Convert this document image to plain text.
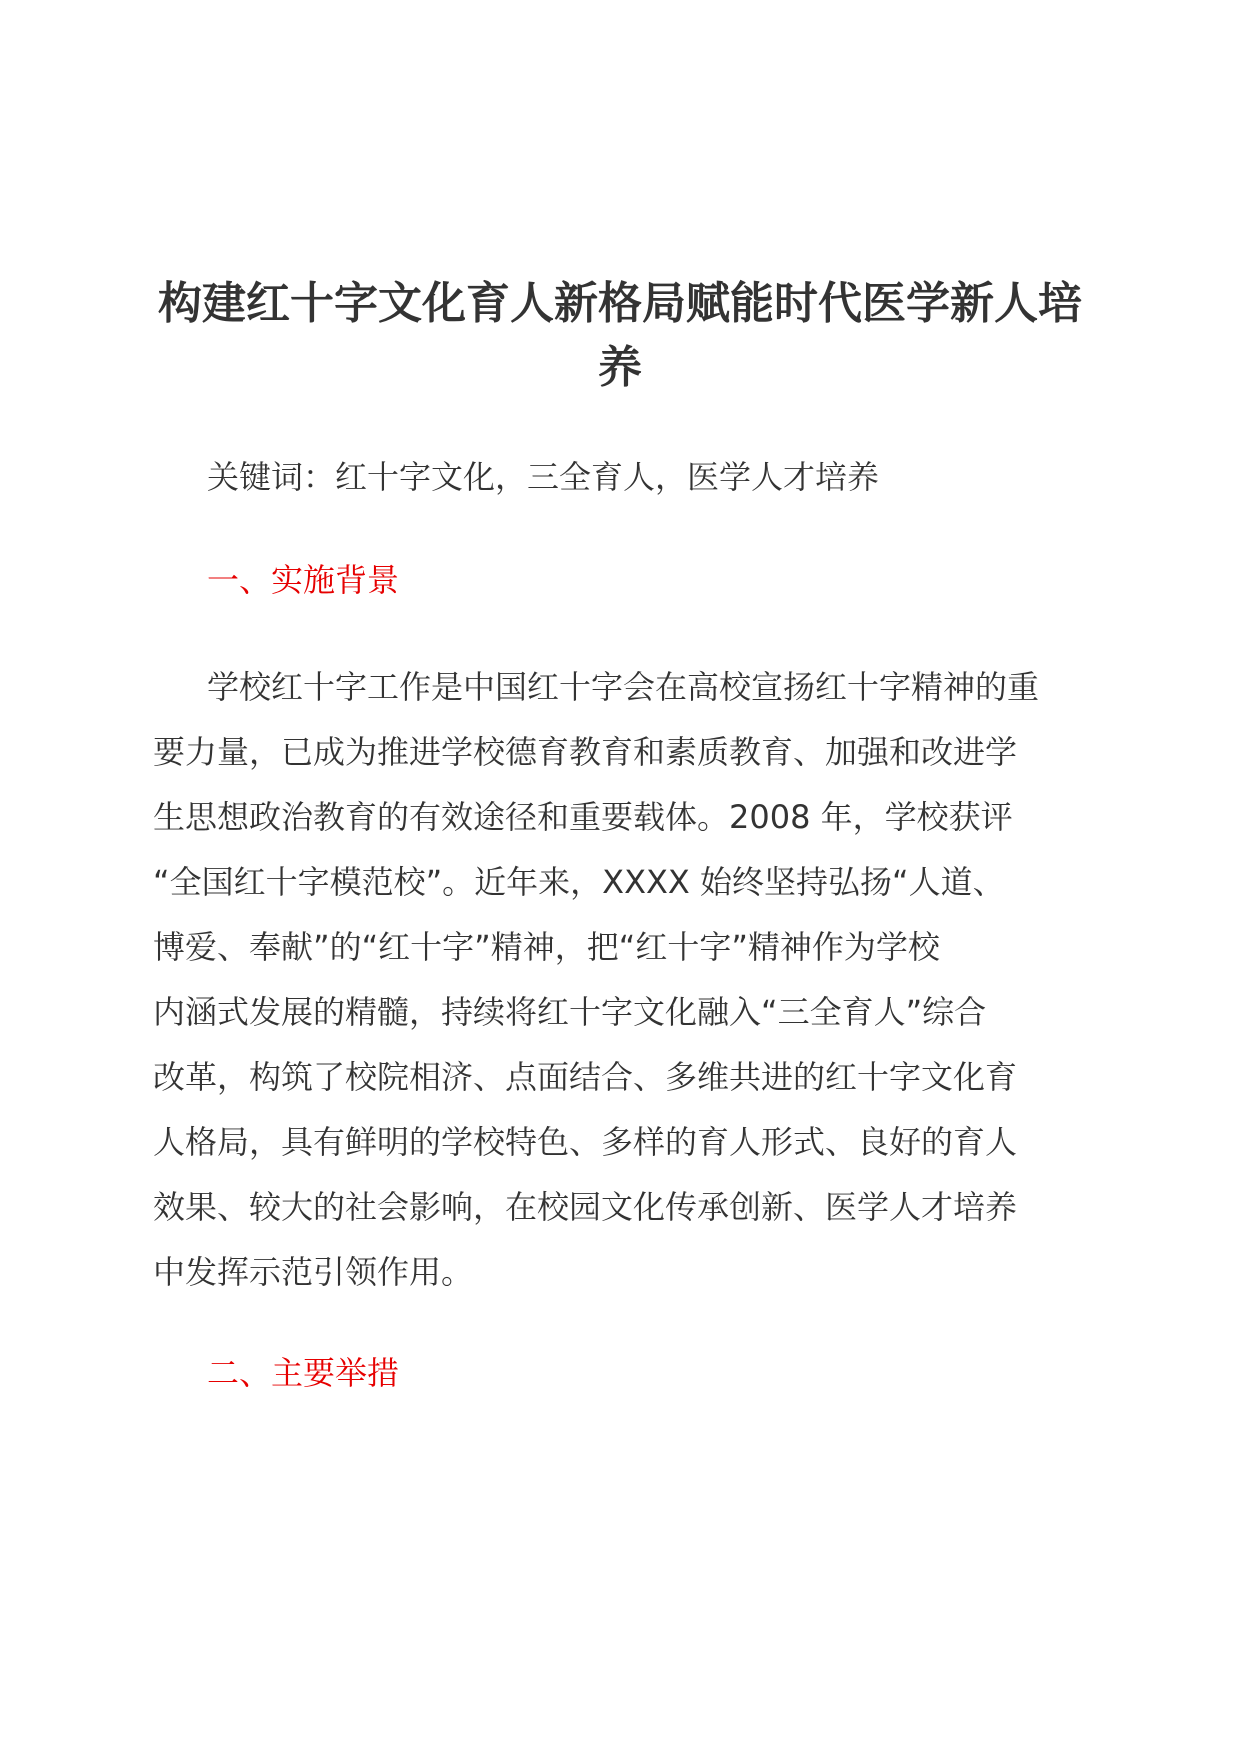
构建红十字文化育人新格局赋能时代医学新人培养
关键词：红十字文化，三全育人，医学人才培养
一、实施背景
学校红十字工作是中国红十字会在高校宣扬红十字精神的重
要力量，已成为推进学校德育教育和素质教育、加强和改进学
生思想政治教育的有效途径和重要载体。2008 年，学校获评
“全国红十字模范校”。近年来，XXXX 始终坚持弘扬“人道、
博爱、奉献”的“红十字”精神，把“红十字”精神作为学校
内涵式发展的精髓，持续将红十字文化融入“三全育人”综合
改革，构筑了校院相济、点面结合、多维共进的红十字文化育
人格局，具有鲜明的学校特色、多样的育人形式、良好的育人
效果、较大的社会影响，在校园文化传承创新、医学人才培养
中发挥示范引领作用。
二、主要举措
